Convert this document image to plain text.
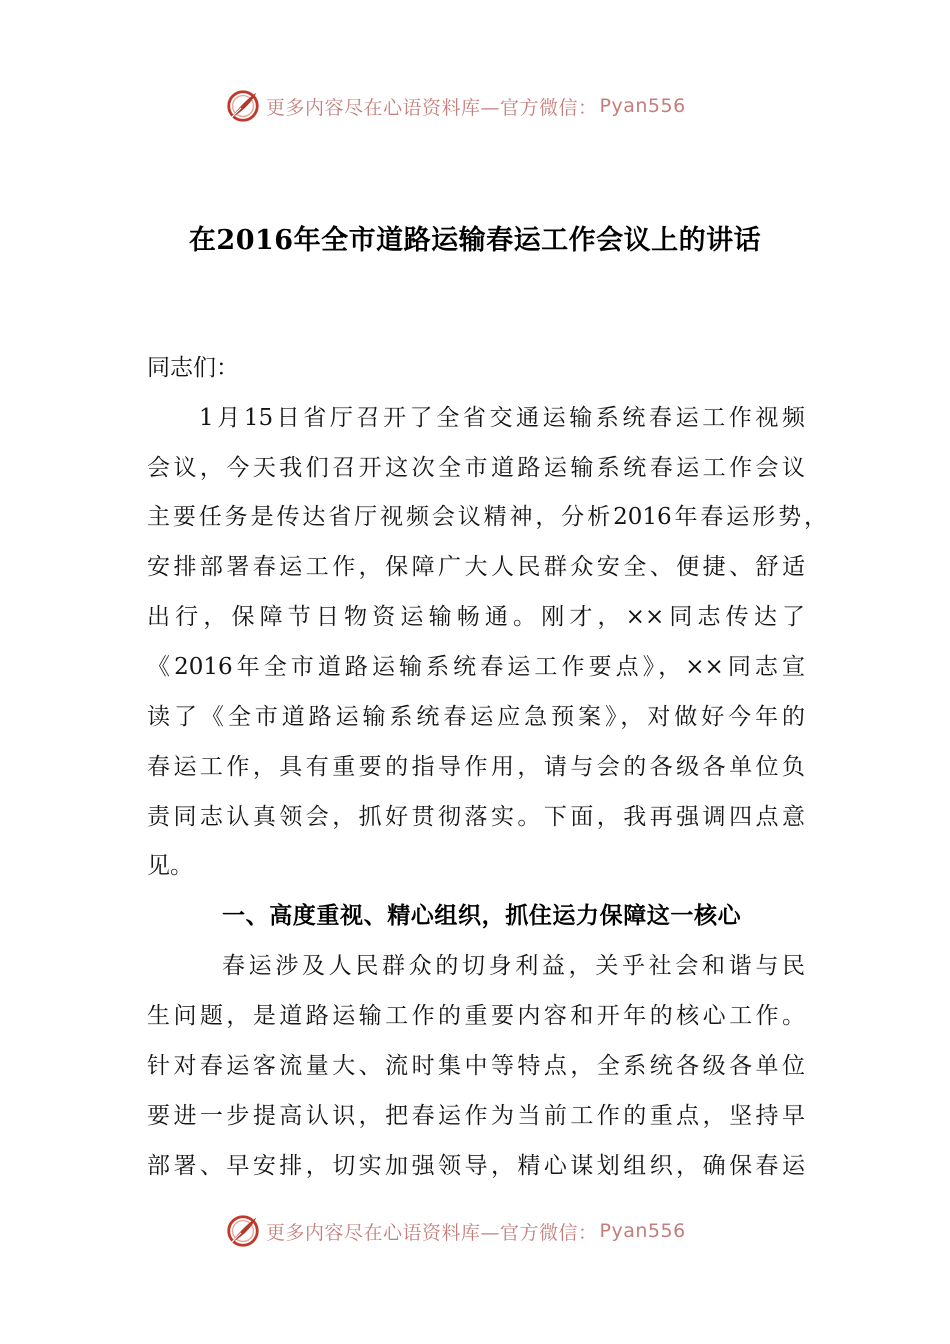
更多内容尽在心语资料库—官方微信： Pyan556
在2016年全市道路运输春运工作会议上的讲话
同志们：
1月15日省厅召开了全省交通运输系统春运工作视频
会议，今天我们召开这次全市道路运输系统春运工作会议
主要任务是传达省厅视频会议精神，分析2016年春运形势，
安排部署春运工作，保障广大人民群众安全、便捷、舒适
出行，保障节日物资运输畅通。刚才，××同志传达了
《2016年全市道路运输系统春运工作要点》，××同志宣
读了《全市道路运输系统春运应急预案》，对做好今年的
春运工作，具有重要的指导作用，请与会的各级各单位负
责同志认真领会，抓好贯彻落实。下面，我再强调四点意
见。
一、高度重视、精心组织，抓住运力保障这一核心
春运涉及人民群众的切身利益，关乎社会和谐与民
生问题，是道路运输工作的重要内容和开年的核心工作。
针对春运客流量大、流时集中等特点，全系统各级各单位
要进一步提高认识，把春运作为当前工作的重点，坚持早
部署、早安排，切实加强领导，精心谋划组织，确保春运
更多内容尽在心语资料库—官方微信： Pyan556
